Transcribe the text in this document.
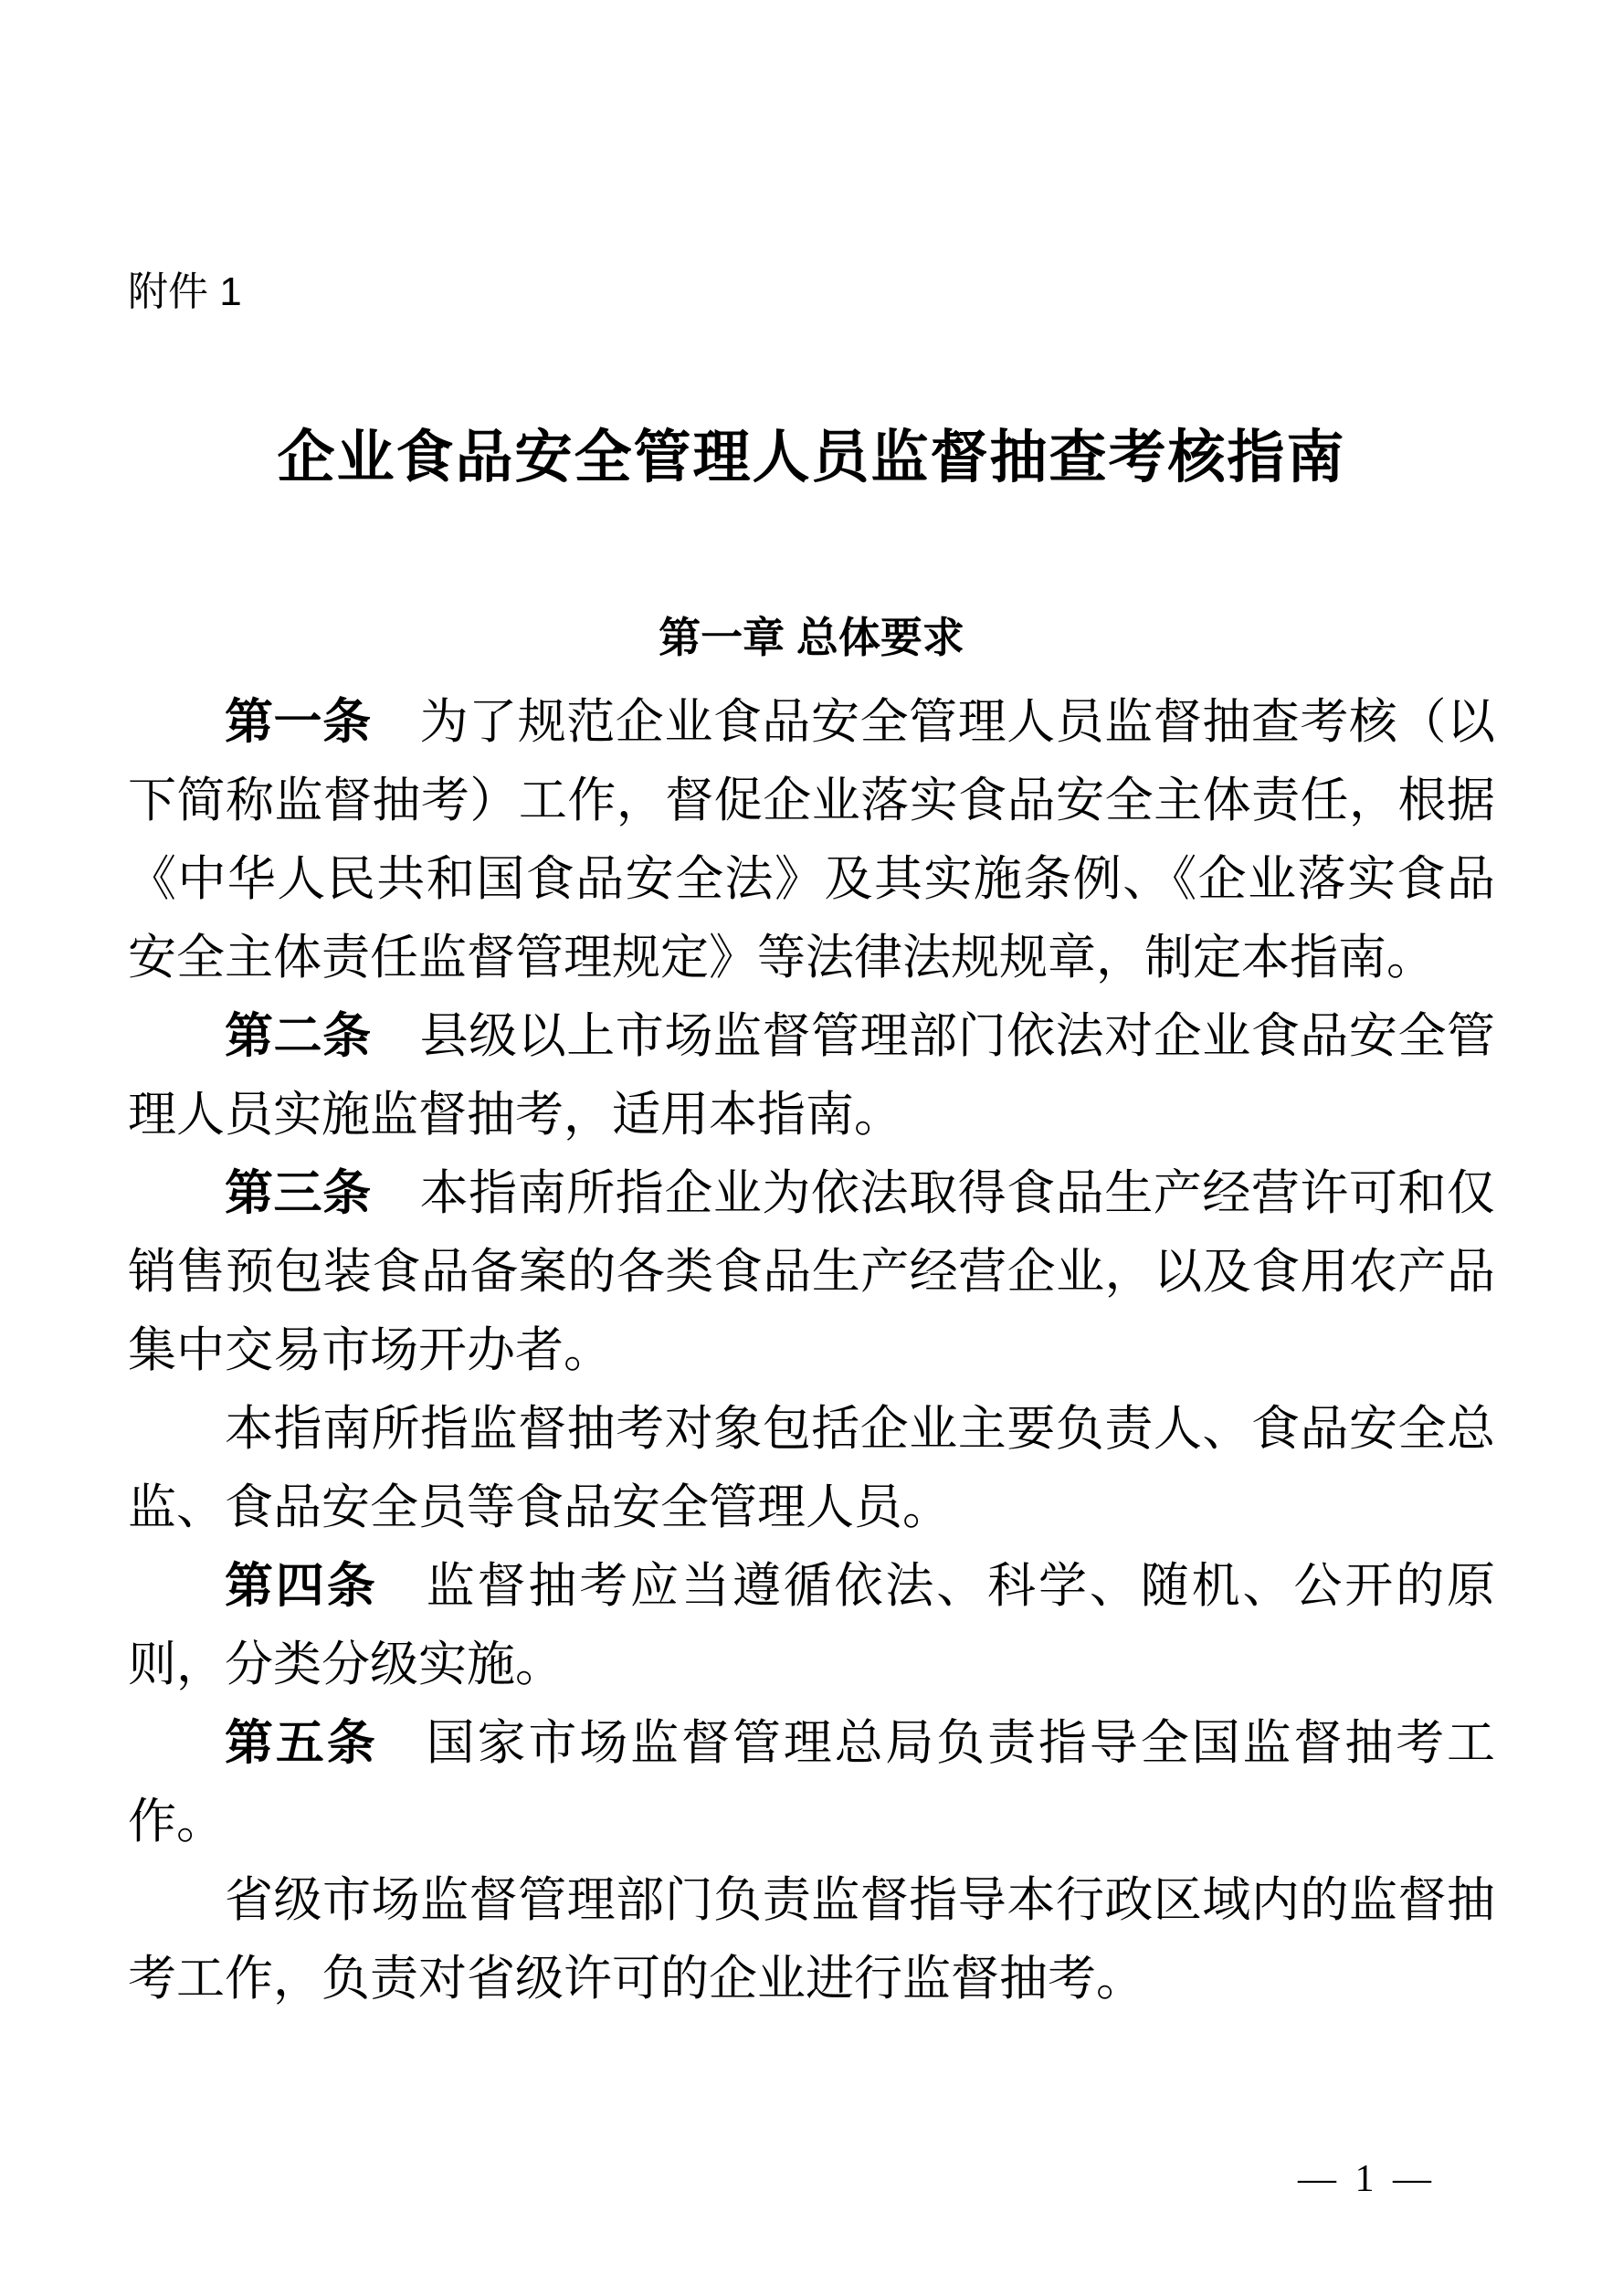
附件 1
企业食品安全管理人员监督抽查考核指南
第一章 总体要求

第一条 为了规范企业食品安全管理人员监督抽查考核（以下简称监督抽考）工作，督促企业落实食品安全主体责任，根据《中华人民共和国食品安全法》及其实施条例、《企业落实食品安全主体责任监督管理规定》等法律法规规章，制定本指南。

第二条 县级以上市场监督管理部门依法对企业食品安全管理人员实施监督抽考，适用本指南。

第三条 本指南所指企业为依法取得食品生产经营许可和仅销售预包装食品备案的各类食品生产经营企业，以及食用农产品集中交易市场开办者。

本指南所指监督抽考对象包括企业主要负责人、食品安全总监、食品安全员等食品安全管理人员。

第四条 监督抽考应当遵循依法、科学、随机、公开的原则，分类分级实施。

第五条 国家市场监督管理总局负责指导全国监督抽考工作。

省级市场监督管理部门负责监督指导本行政区域内的监督抽考工作，负责对省级许可的企业进行监督抽考。

— 1 —
